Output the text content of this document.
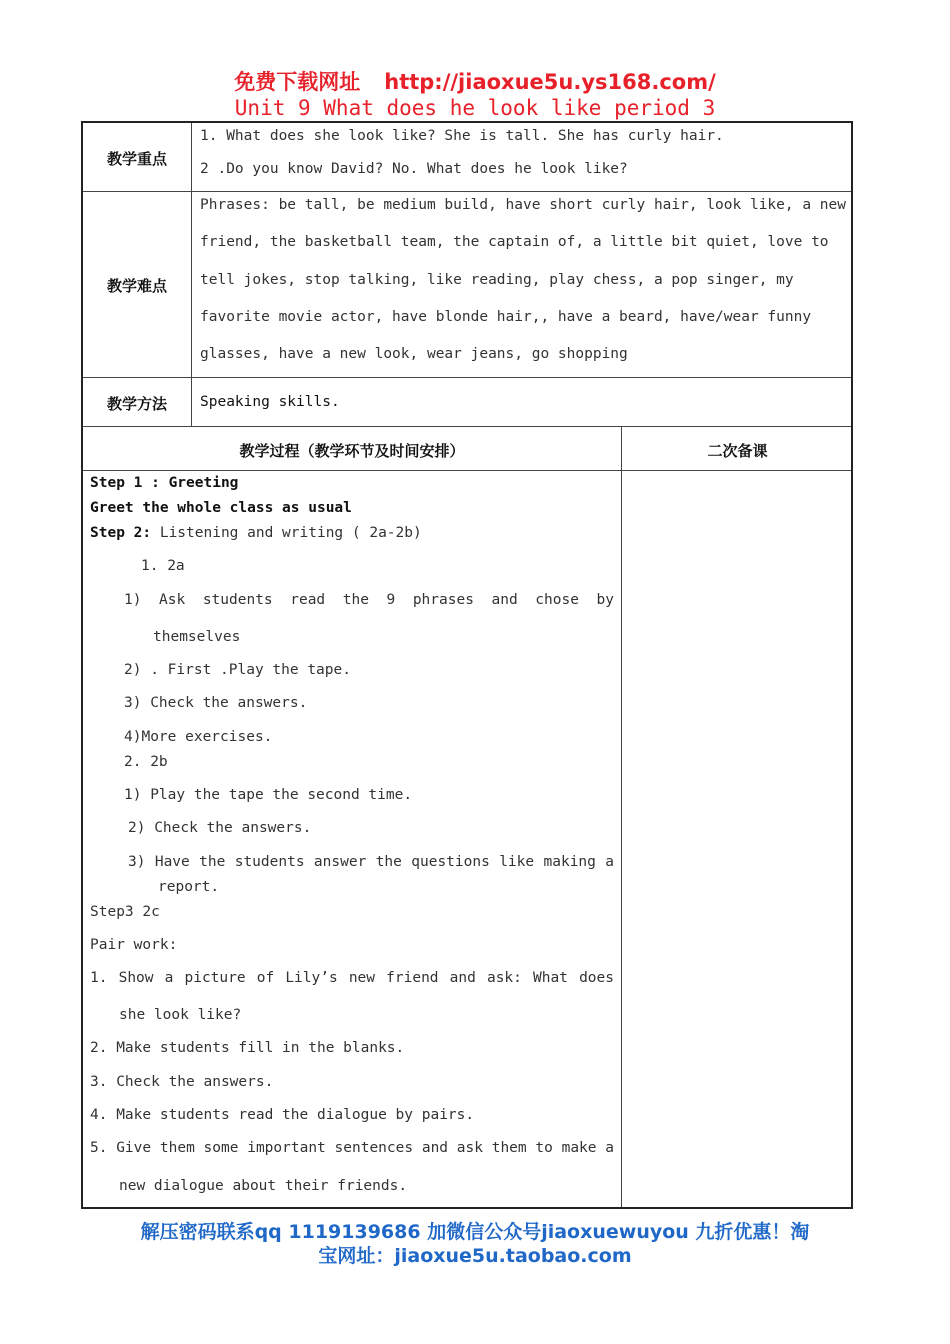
免费下载网址 http://jiaoxue5u.ys168.com/
Unit 9 What does he look like period 3
教学重点
1. What does she look like? She is tall. She has curly hair.
2 .Do you know David? No. What does he look like?
教学难点
Phrases: be tall, be medium build, have short curly hair, look like, a new
friend, the basketball team, the captain of, a little bit quiet, love to
tell jokes, stop talking, like reading, play chess, a pop singer, my
favorite movie actor, have blonde hair,, have a beard, have/wear funny
glasses, have a new look, wear jeans, go shopping
教学方法	Speaking skills.
教学过程（教学环节及时间安排）	二次备课
Step 1 : Greeting
Greet the whole class as usual
Step 2: Listening and writing ( 2a-2b)
1. 2a
1) Ask students read the 9 phrases and chose by
themselves
2) . First .Play the tape.
3) Check the answers.
4)More exercises.
2. 2b
1) Play the tape the second time.
2) Check the answers.
3) Have the students answer the questions like making a
report.
Step3 2c
Pair work:
1. Show a picture of Lily’s new friend and ask: What does
she look like?
2. Make students fill in the blanks.
3. Check the answers.
4. Make students read the dialogue by pairs.
5. Give them some important sentences and ask them to make a
new dialogue about their friends.
解压密码联系qq 1119139686 加微信公众号jiaoxuewuyou 九折优惠！淘
宝网址：jiaoxue5u.taobao.com
